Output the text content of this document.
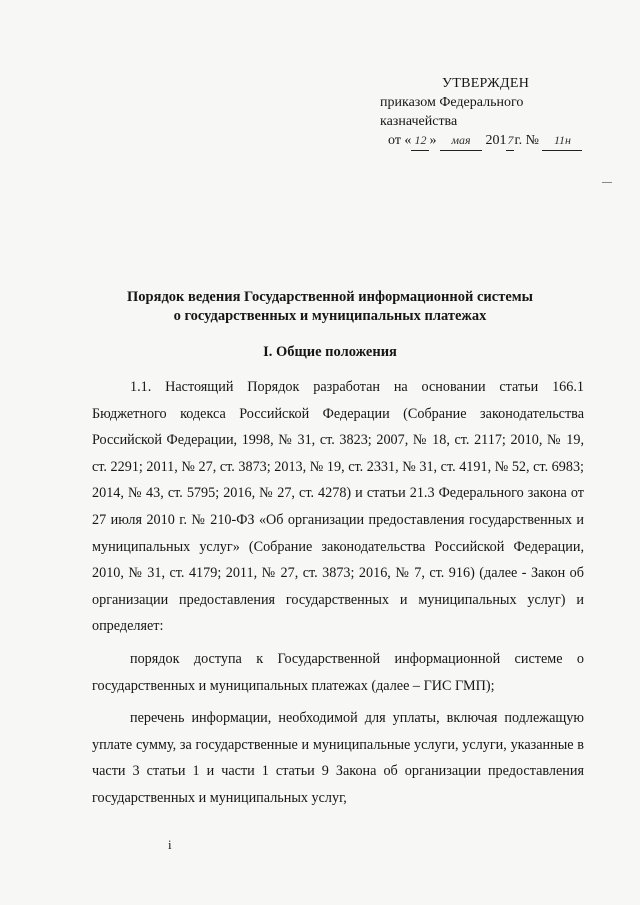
УТВЕРЖДЕН
приказом Федерального казначейства
от « 12 » мая 2017г. № 11н
Порядок ведения Государственной информационной системы
о государственных и муниципальных платежах
I. Общие положения

1.1. Настоящий Порядок разработан на основании статьи 166.1 Бюджетного кодекса Российской Федерации (Собрание законодательства Российской Федерации, 1998, № 31, ст. 3823; 2007, № 18, ст. 2117; 2010, № 19, ст. 2291; 2011, № 27, ст. 3873; 2013, № 19, ст. 2331, № 31, ст. 4191, № 52, ст. 6983; 2014, № 43, ст. 5795; 2016, № 27, ст. 4278) и статьи 21.3 Федерального закона от 27 июля 2010 г. № 210-ФЗ «Об организации предоставления государственных и муниципальных услуг» (Собрание законодательства Российской Федерации, 2010, № 31, ст. 4179; 2011, № 27, ст. 3873; 2016, № 7, ст. 916) (далее - Закон об организации предоставления государственных и муниципальных услуг) и определяет:

порядок доступа к Государственной информационной системе о государственных и муниципальных платежах (далее – ГИС ГМП);

перечень информации, необходимой для уплаты, включая подлежащую уплате сумму, за государственные и муниципальные услуги, услуги, указанные в части 3 статьи 1 и части 1 статьи 9 Закона об организации предоставления государственных и муниципальных услуг,

i
